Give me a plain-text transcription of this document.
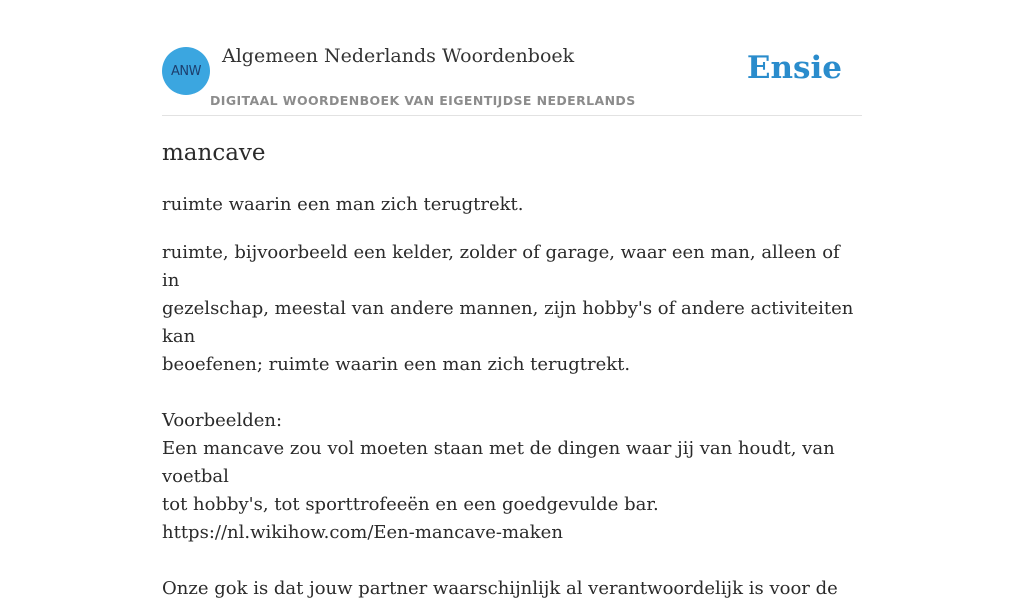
ANW
Algemeen Nederlands Woordenboek
DIGITAAL WOORDENBOEK VAN EIGENTIJDSE NEDERLANDS
Ensie
mancave

ruimte waarin een man zich terugtrekt.

ruimte, bijvoorbeeld een kelder, zolder of garage, waar een man, alleen of in

gezelschap, meestal van andere mannen, zijn hobby's of andere activiteiten kan

beoefenen; ruimte waarin een man zich terugtrekt.

Voorbeelden:

Een mancave zou vol moeten staan met de dingen waar jij van houdt, van voetbal

tot hobby's, tot sporttrofeeën en een goedgevulde bar.

https://nl.wikihow.com/Een-mancave-maken

Onze gok is dat jouw partner waarschijnlijk al verantwoordelijk is voor de
